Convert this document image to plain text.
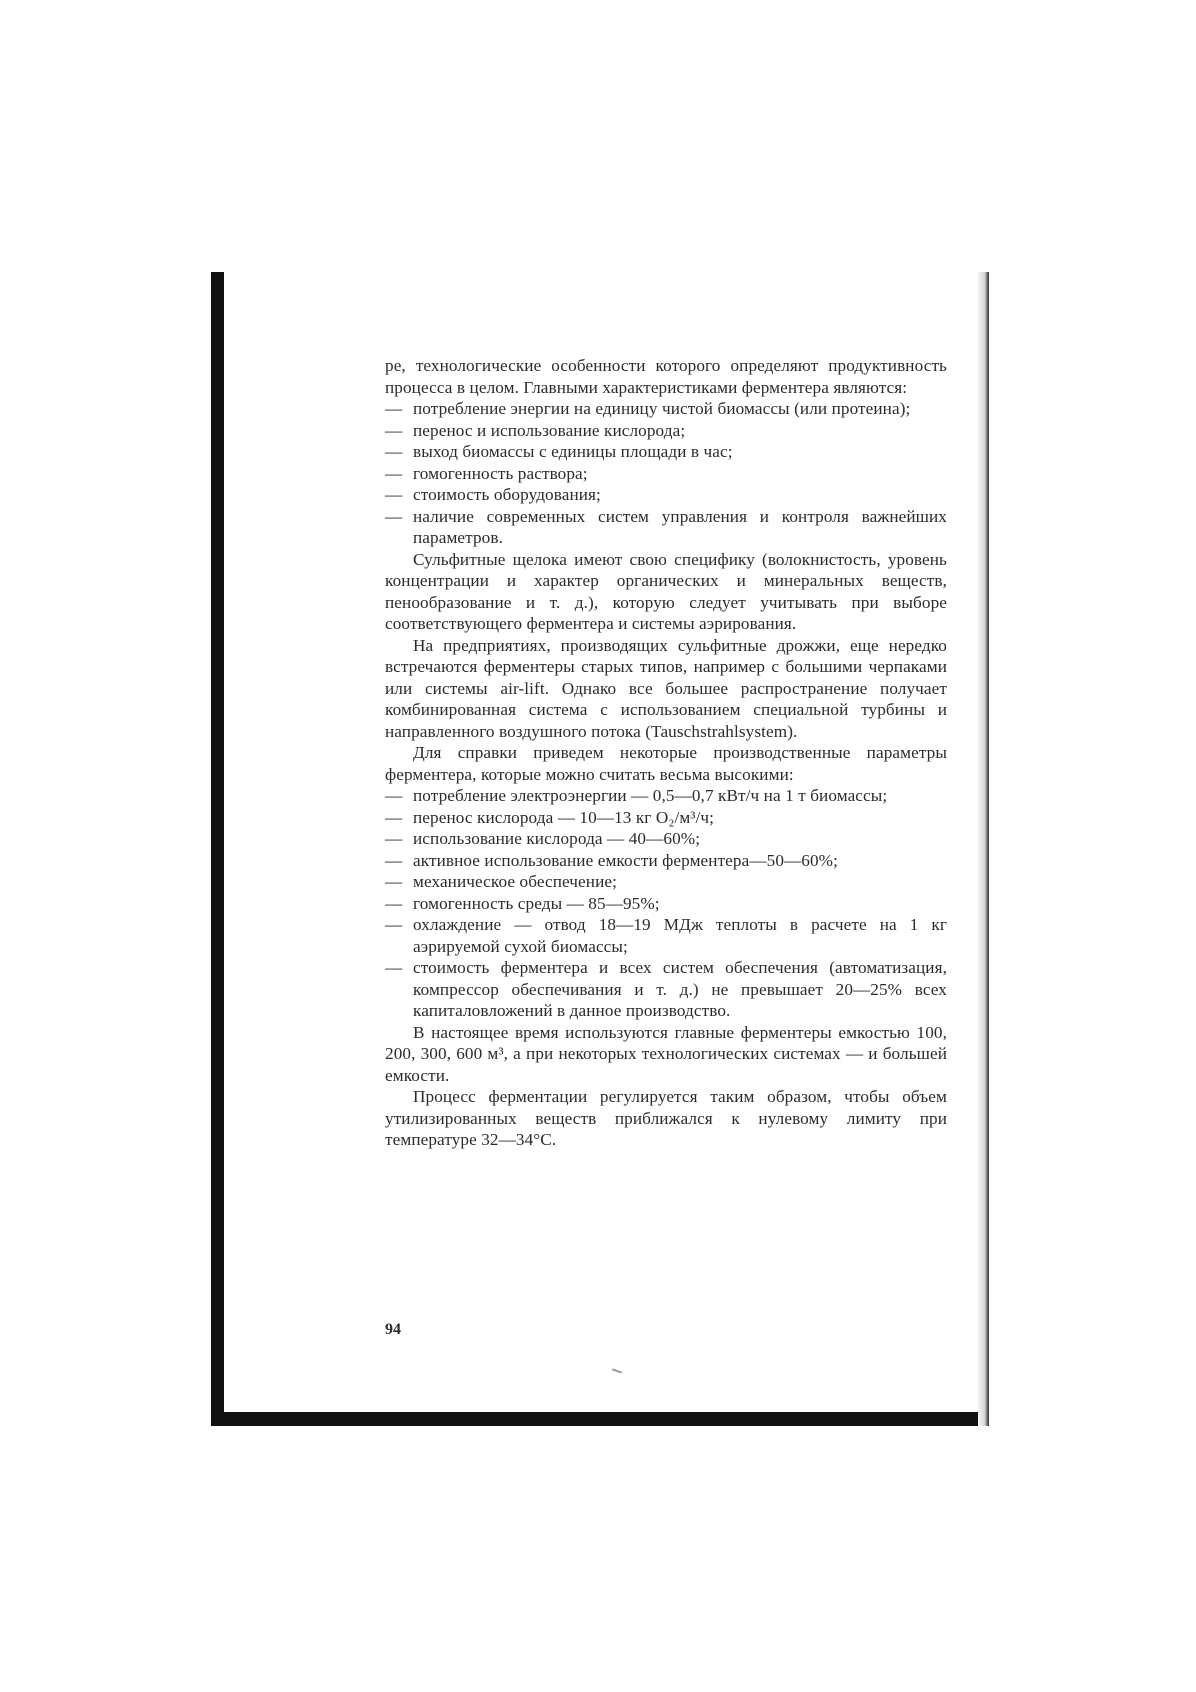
ре, технологические особенности которого определяют продуктивность процесса в целом. Главными характеристиками ферментера являются:

— потребление энергии на единицу чистой биомассы (или протеина);
— перенос и использование кислорода;
— выход биомассы с единицы площади в час;
— гомогенность раствора;
— стоимость оборудования;
— наличие современных систем управления и контроля важнейших параметров.

Сульфитные щелока имеют свою специфику (волокнистость, уровень концентрации и характер органических и минеральных веществ, пенообразование и т. д.), которую следует учитывать при выборе соответствующего ферментера и системы аэрирования.

На предприятиях, производящих сульфитные дрожжи, еще нередко встречаются ферментеры старых типов, например с большими черпаками или системы air-lift. Однако все большее распространение получает комбинированная система с использованием специальной турбины и направленного воздушного потока (Tauschstrahlsystem).

Для справки приведем некоторые производственные параметры ферментера, которые можно считать весьма высокими:

— потребление электроэнергии — 0,5—0,7 кВт/ч на 1 т биомассы;
— перенос кислорода — 10—13 кг O₂/м³/ч;
— использование кислорода — 40—60%;
— активное использование емкости ферментера—50—60%;
— механическое обеспечение;
— гомогенность среды — 85—95%;
— охлаждение — отвод 18—19 МДж теплоты в расчете на 1 кг аэрируемой сухой биомассы;
— стоимость ферментера и всех систем обеспечения (автоматизация, компрессор обеспечивания и т. д.) не превышает 20—25% всех капиталовложений в данное производство.

В настоящее время используются главные ферментеры емкостью 100, 200, 300, 600 м³, а при некоторых технологических системах — и большей емкости.

Процесс ферментации регулируется таким образом, чтобы объем утилизированных веществ приближался к нулевому лимиту при температуре 32—34°C.

94
